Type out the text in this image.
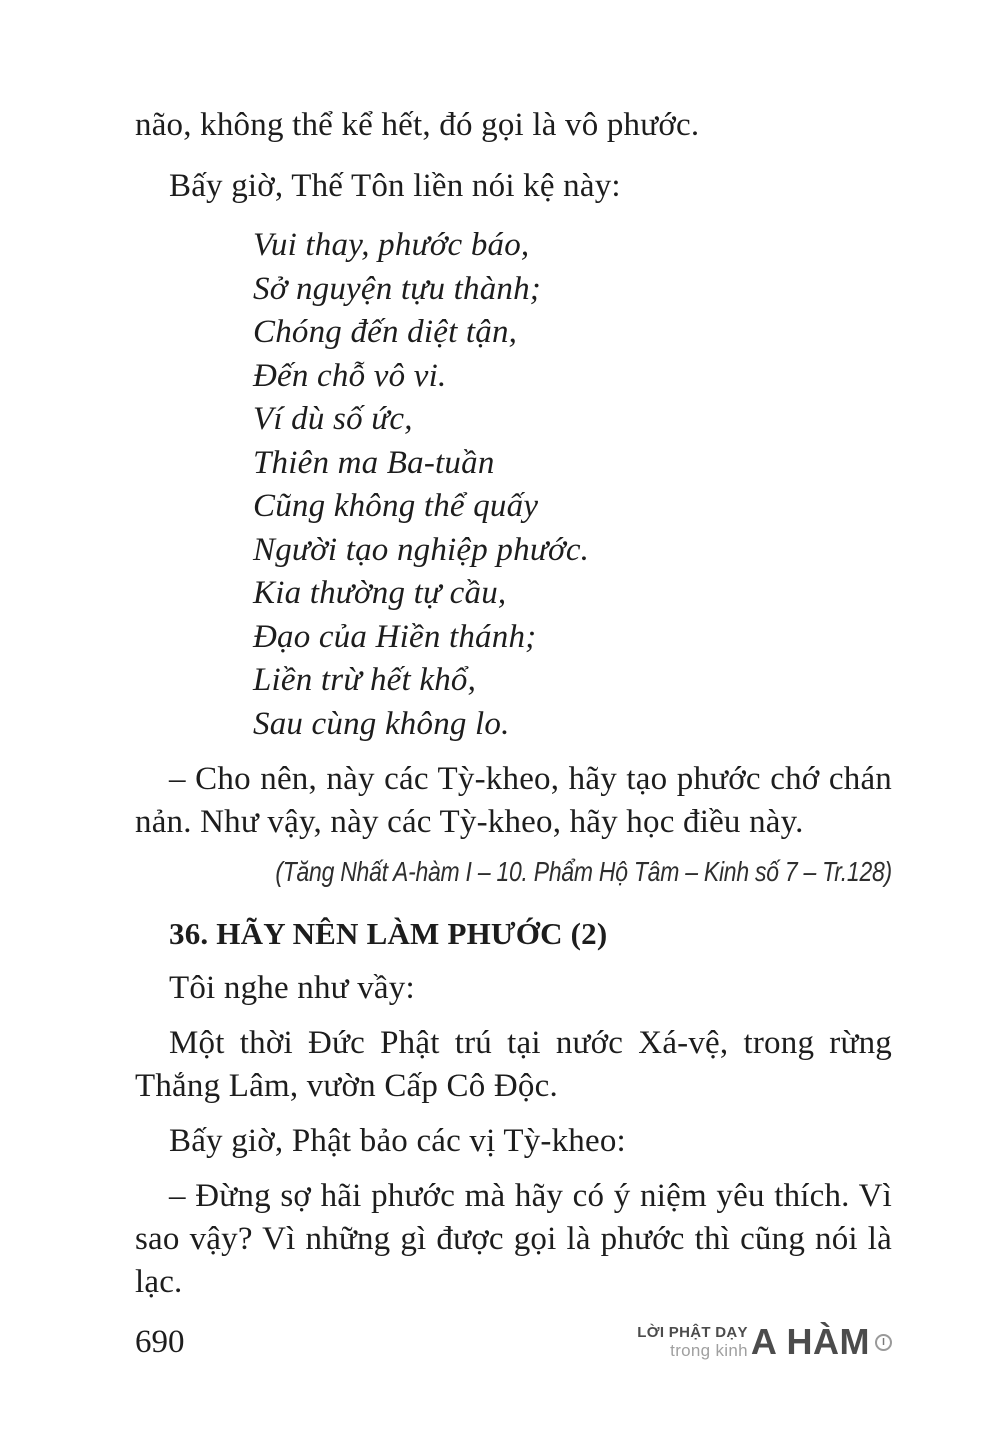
não, không thể kể hết, đó gọi là vô phước.

Bấy giờ, Thế Tôn liền nói kệ này:

Vui thay, phước báo,
Sở nguyện tựu thành;
Chóng đến diệt tận,
Đến chỗ vô vi.
Ví dù số ức,
Thiên ma Ba-tuần
Cũng không thể quấy
Người tạo nghiệp phước.
Kia thường tự cầu,
Đạo của Hiền thánh;
Liền trừ hết khổ,
Sau cùng không lo.

– Cho nên, này các Tỳ-kheo, hãy tạo phước chớ chán nản. Như vậy, này các Tỳ-kheo, hãy học điều này.

(Tăng Nhất A-hàm I – 10. Phẩm Hộ Tâm – Kinh số 7 – Tr.128)
36. HÃY NÊN LÀM PHƯỚC (2)

Tôi nghe như vầy:

Một thời Đức Phật trú tại nước Xá-vệ, trong rừng Thắng Lâm, vườn Cấp Cô Độc.

Bấy giờ, Phật bảo các vị Tỳ-kheo:

– Đừng sợ hãi phước mà hãy có ý niệm yêu thích. Vì sao vậy? Vì những gì được gọi là phước thì cũng nói là lạc.

690	LỜI PHẬT DẠY
trong kinh A HÀM	I
